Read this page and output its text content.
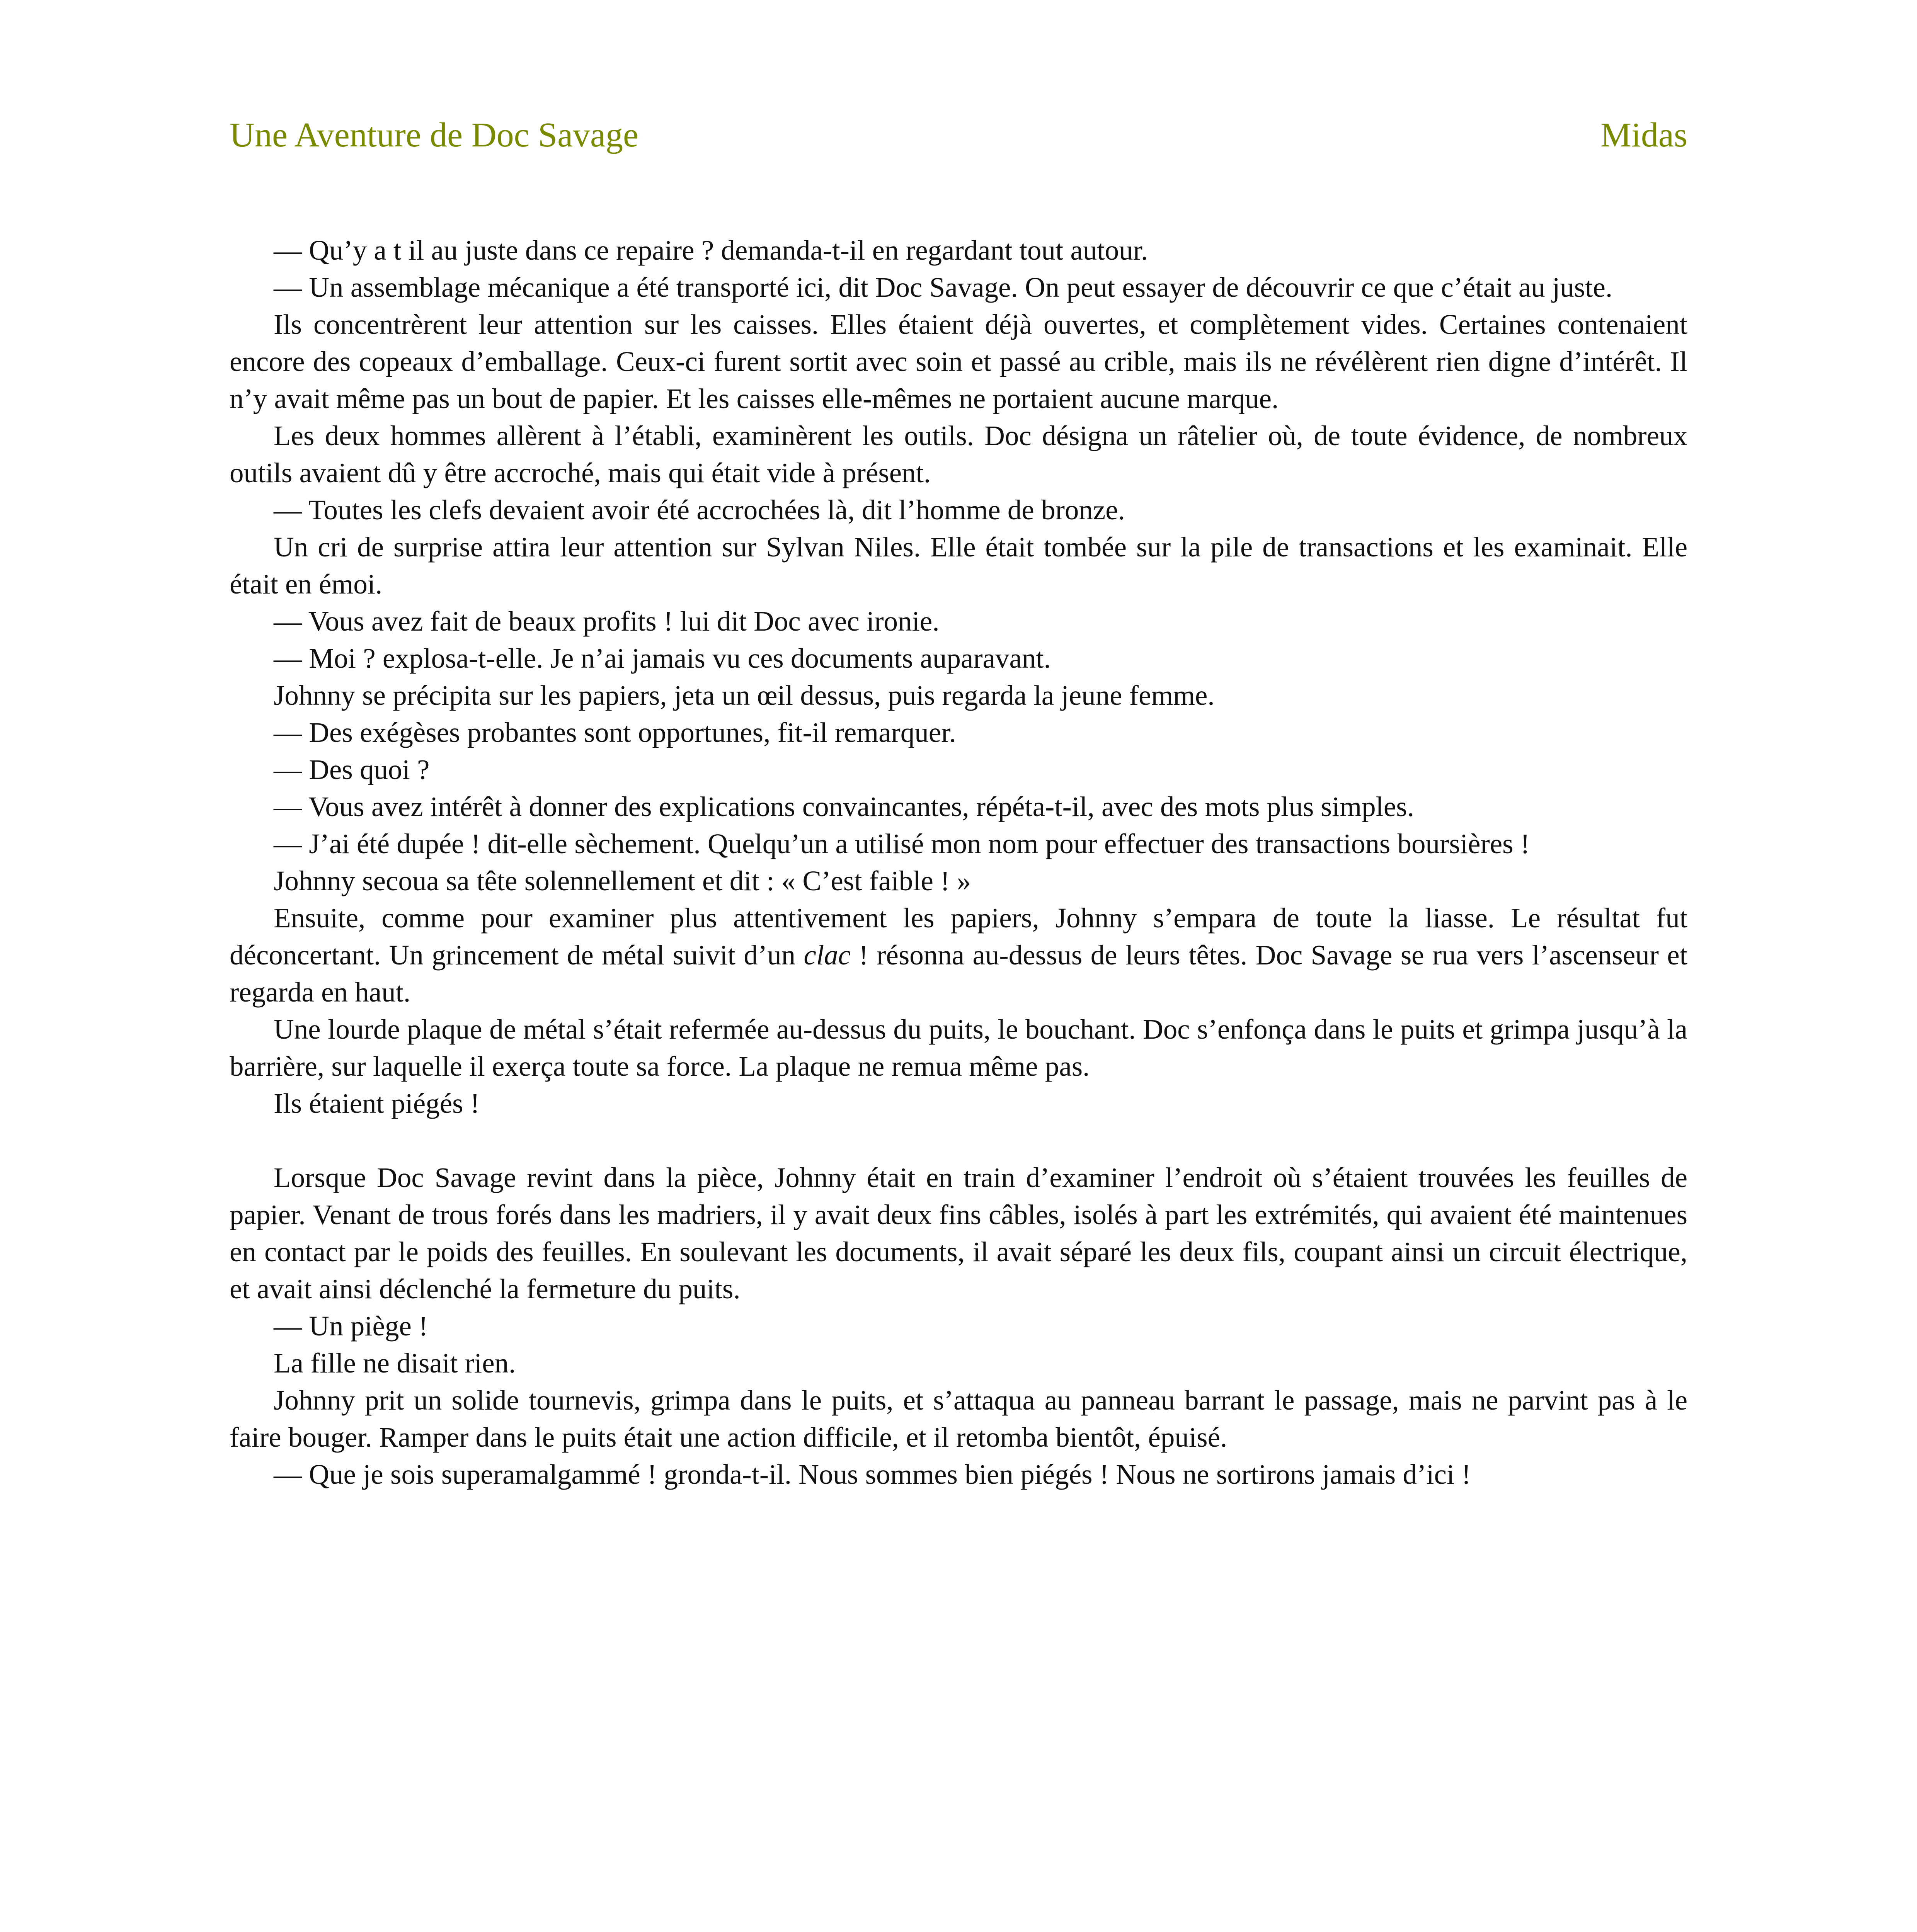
Une Aventure de Doc Savage	Midas

— Qu’y a t il au juste dans ce repaire ? demanda-t-il en regardant tout autour.

— Un assemblage mécanique a été transporté ici, dit Doc Savage. On peut essayer de découvrir ce que c’était au juste.

Ils concentrèrent leur attention sur les caisses. Elles étaient déjà ouvertes, et complètement vides. Certaines contenaient encore des copeaux d’emballage. Ceux-ci furent sortit avec soin et passé au crible, mais ils ne révélèrent rien digne d’intérêt. Il n’y avait même pas un bout de papier. Et les caisses elle-mêmes ne portaient aucune marque.

Les deux hommes allèrent à l’établi, examinèrent les outils. Doc désigna un râtelier où, de toute évidence, de nombreux outils avaient dû y être accroché, mais qui était vide à présent.

— Toutes les clefs devaient avoir été accrochées là, dit l’homme de bronze.

Un cri de surprise attira leur attention sur Sylvan Niles. Elle était tombée sur la pile de transactions et les examinait. Elle était en émoi.

— Vous avez fait de beaux profits ! lui dit Doc avec ironie.

— Moi ? explosa-t-elle. Je n’ai jamais vu ces documents auparavant.

Johnny se précipita sur les papiers, jeta un œil dessus, puis regarda la jeune femme.

— Des exégèses probantes sont opportunes, fit-il remarquer.

— Des quoi ?

— Vous avez intérêt à donner des explications convaincantes, répéta-t-il, avec des mots plus simples.

— J’ai été dupée ! dit-elle sèchement. Quelqu’un a utilisé mon nom pour effectuer des transactions boursières !

Johnny secoua sa tête solennellement et dit : « C’est faible ! »

Ensuite, comme pour examiner plus attentivement les papiers, Johnny s’empara de toute la liasse. Le résultat fut déconcertant. Un grincement de métal suivit d’un clac ! résonna au-dessus de leurs têtes. Doc Savage se rua vers l’ascenseur et regarda en haut.

Une lourde plaque de métal s’était refermée au-dessus du puits, le bouchant. Doc s’enfonça dans le puits et grimpa jusqu’à la barrière, sur laquelle il exerça toute sa force. La plaque ne remua même pas.

Ils étaient piégés !

Lorsque Doc Savage revint dans la pièce, Johnny était en train d’examiner l’endroit où s’étaient trouvées les feuilles de papier. Venant de trous forés dans les madriers, il y avait deux fins câbles, isolés à part les extrémités, qui avaient été maintenues en contact par le poids des feuilles. En soulevant les documents, il avait séparé les deux fils, coupant ainsi un circuit électrique, et avait ainsi déclenché la fermeture du puits.

— Un piège !

La fille ne disait rien.

Johnny prit un solide tournevis, grimpa dans le puits, et s’attaqua au panneau barrant le passage, mais ne parvint pas à le faire bouger. Ramper dans le puits était une action difficile, et il retomba bientôt, épuisé.

— Que je sois superamalgammé ! gronda-t-il. Nous sommes bien piégés ! Nous ne sortirons jamais d’ici !
